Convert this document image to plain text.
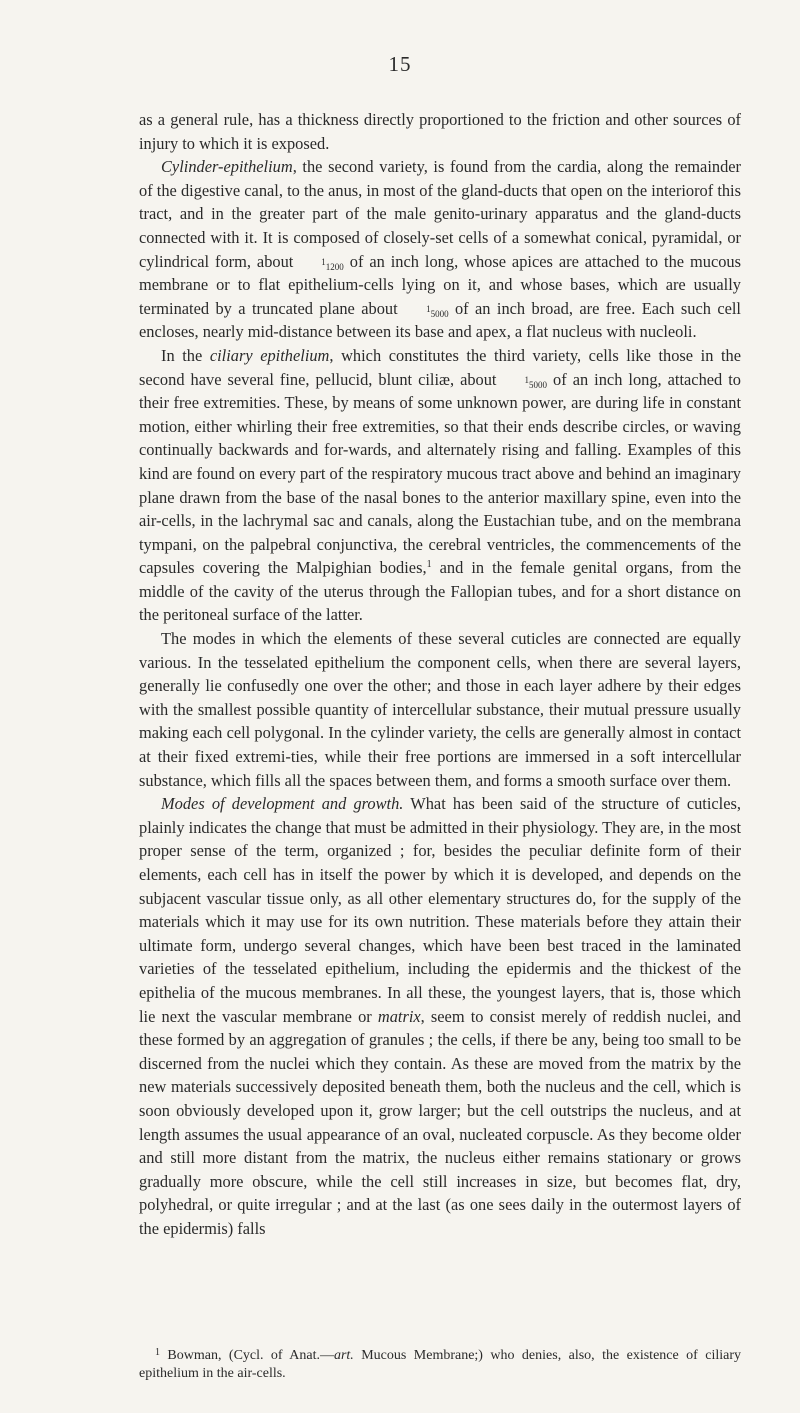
15

as a general rule, has a thickness directly proportioned to the friction and other sources of injury to which it is exposed.

Cylinder-epithelium, the second variety, is found from the cardia, along the remainder of the digestive canal, to the anus, in most of the gland-ducts that open on the interiorof this tract, and in the greater part of the male genito-urinary apparatus and the gland-ducts connected with it. It is composed of closely-set cells of a somewhat conical, pyramidal, or cylindrical form, about $^1_{1200}$ of an inch long, whose apices are attached to the mucous membrane or to flat epithelium-cells lying on it, and whose bases, which are usually terminated by a truncated plane about $^1_{5000}$ of an inch broad, are free. Each such cell encloses, nearly mid-distance between its base and apex, a flat nucleus with nucleoli.

In the ciliary epithelium, which constitutes the third variety, cells like those in the second have several fine, pellucid, blunt ciliæ, about $^1_{5000}$ of an inch long, attached to their free extremities. These, by means of some unknown power, are during life in constant motion, either whirling their free extremities, so that their ends describe circles, or waving continually backwards and for-wards, and alternately rising and falling. Examples of this kind are found on every part of the respiratory mucous tract above and behind an imaginary plane drawn from the base of the nasal bones to the anterior maxillary spine, even into the air-cells, in the lachrymal sac and canals, along the Eustachian tube, and on the membrana tympani, on the palpebral conjunctiva, the cerebral ventricles, the commencements of the capsules covering the Malpighian bodies,$^1$ and in the female genital organs, from the middle of the cavity of the uterus through the Fallopian tubes, and for a short distance on the peritoneal surface of the latter.

The modes in which the elements of these several cuticles are connected are equally various. In the tesselated epithelium the component cells, when there are several layers, generally lie confusedly one over the other; and those in each layer adhere by their edges with the smallest possible quantity of intercellular substance, their mutual pressure usually making each cell polygonal. In the cylinder variety, the cells are generally almost in contact at their fixed extremi-ties, while their free portions are immersed in a soft intercellular substance, which fills all the spaces between them, and forms a smooth surface over them.

Modes of development and growth. What has been said of the structure of cuticles, plainly indicates the change that must be admitted in their physiology. They are, in the most proper sense of the term, organized ; for, besides the peculiar definite form of their elements, each cell has in itself the power by which it is developed, and depends on the subjacent vascular tissue only, as all other elementary structures do, for the supply of the materials which it may use for its own nutrition. These materials before they attain their ultimate form, undergo several changes, which have been best traced in the laminated varieties of the tesselated epithelium, including the epidermis and the thickest of the epithelia of the mucous membranes. In all these, the youngest layers, that is, those which lie next the vascular membrane or matrix, seem to consist merely of reddish nuclei, and these formed by an aggregation of granules ; the cells, if there be any, being too small to be discerned from the nuclei which they contain. As these are moved from the matrix by the new materials successively deposited beneath them, both the nucleus and the cell, which is soon obviously developed upon it, grow larger; but the cell outstrips the nucleus, and at length assumes the usual appearance of an oval, nucleated corpuscle. As they become older and still more distant from the matrix, the nucleus either remains stationary or grows gradually more obscure, while the cell still increases in size, but becomes flat, dry, polyhedral, or quite irregular ; and at the last (as one sees daily in the outermost layers of the epidermis) falls

$^1$ Bowman, (Cycl. of Anat.—art. Mucous Membrane;) who denies, also, the existence of ciliary epithelium in the air-cells.
